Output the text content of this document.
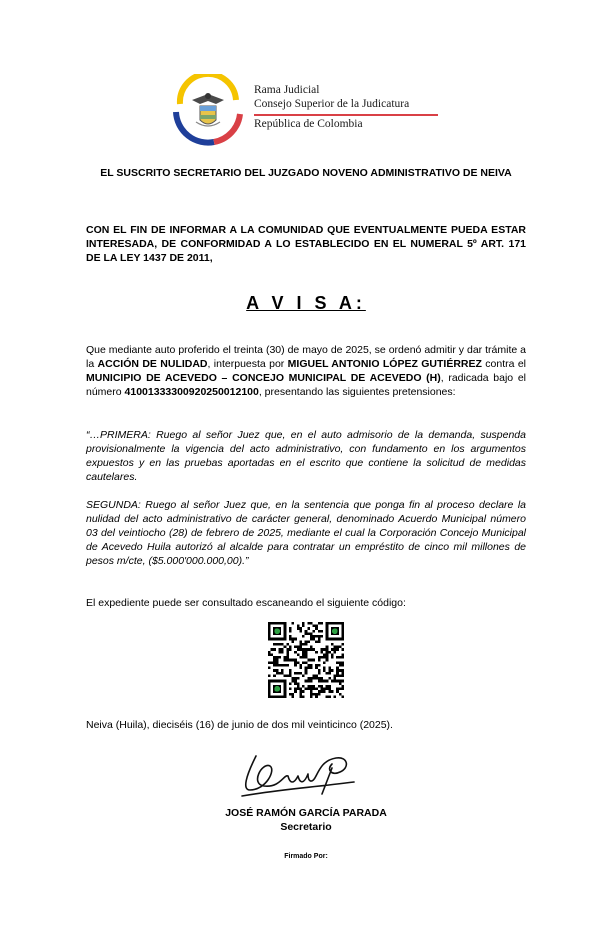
Rama Judicial
Consejo Superior de la Judicatura
República de Colombia
EL SUSCRITO SECRETARIO DEL JUZGADO NOVENO ADMINISTRATIVO DE NEIVA
CON EL FIN DE INFORMAR A LA COMUNIDAD QUE EVENTUALMENTE PUEDA ESTAR INTERESADA, DE CONFORMIDAD A LO ESTABLECIDO EN EL NUMERAL 5º ART. 171 DE LA LEY 1437 DE 2011,
A V I S A:

Que mediante auto proferido el treinta (30) de mayo de 2025, se ordenó admitir y dar trámite a la ACCIÓN DE NULIDAD, interpuesta por MIGUEL ANTONIO LÓPEZ GUTIÉRREZ contra el MUNICIPIO DE ACEVEDO – CONCEJO MUNICIPAL DE ACEVEDO (H), radicada bajo el número 41001333300920250012100, presentando las siguientes pretensiones:

“…PRIMERA: Ruego al señor Juez que, en el auto admisorio de la demanda, suspenda provisionalmente la vigencia del acto administrativo, con fundamento en los argumentos expuestos y en las pruebas aportadas en el escrito que contiene la solicitud de medidas cautelares.

SEGUNDA: Ruego al señor Juez que, en la sentencia que ponga fin al proceso declare la nulidad del acto administrativo de carácter general, denominado Acuerdo Municipal número 03 del veintiocho (28) de febrero de 2025, mediante el cual la Corporación Concejo Municipal de Acevedo Huila autorizó al alcalde para contratar un empréstito de cinco mil millones de pesos m/cte, ($5.000'000.000,00).”

El expediente puede ser consultado escaneando el siguiente código:

Neiva (Huila), dieciséis (16) de junio de dos mil veinticinco (2025).

JOSÉ RAMÓN GARCÍA PARADA

Secretario

Firmado Por:
